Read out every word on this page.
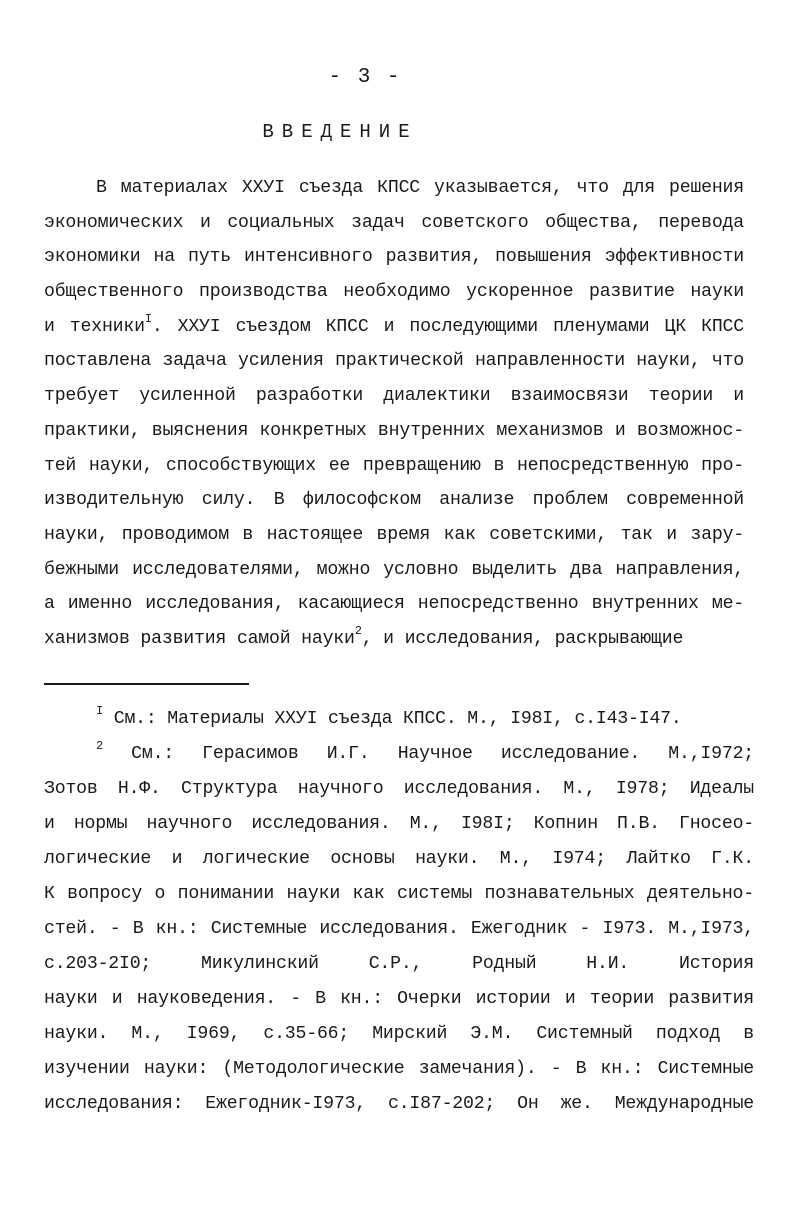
- 3 -
ВВЕДЕНИЕ
В материалах ХХУI съезда КПСС указывается, что для решения
экономических и социальных задач советского общества, перевода
экономики на путь интенсивного развития, повышения эффективности
общественного производства необходимо ускоренное развитие науки
и техники$^I$. ХХУI съездом КПСС и последующими пленумами ЦК КПСС
поставлена задача усиления практической направленности науки, что
требует усиленной разработки диалектики взаимосвязи теории и
практики, выяснения конкретных внутренних механизмов и возможнос-
тей науки, способствующих ее превращению в непосредственную про-
изводительную силу. В философском анализе проблем современной
науки, проводимом в настоящее время как советскими, так и зару-
бежными исследователями, можно условно выделить два направления,
а именно исследования, касающиеся непосредственно внутренних ме-
ханизмов развития самой науки$^2$, и исследования, раскрывающие
$^I$ См.: Материалы ХХУI съезда КПСС. М., I98I, с.I43-I47.
$^2$ См.: Герасимов И.Г. Научное исследование. М.,I972;
Зотов Н.Ф. Структура научного исследования. М., I978; Идеалы
и нормы научного исследования. М., I98I; Копнин П.В. Гносео-
логические и логические основы науки. М., I974; Лайтко Г.К.
К вопросу о понимании науки как системы познавательных деятельно-
стей. - В кн.: Системные исследования. Ежегодник - I973. М.,I973,
с.203-2I0; Микулинский С.Р., Родный Н.И. История
науки и науковедения. - В кн.: Очерки истории и теории развития
науки. М., I969, с.35-66; Мирский Э.М. Системный подход в
изучении науки: (Методологические замечания). - В кн.: Системные
исследования: Ежегодник-I973, с.I87-202; Он же. Международные
